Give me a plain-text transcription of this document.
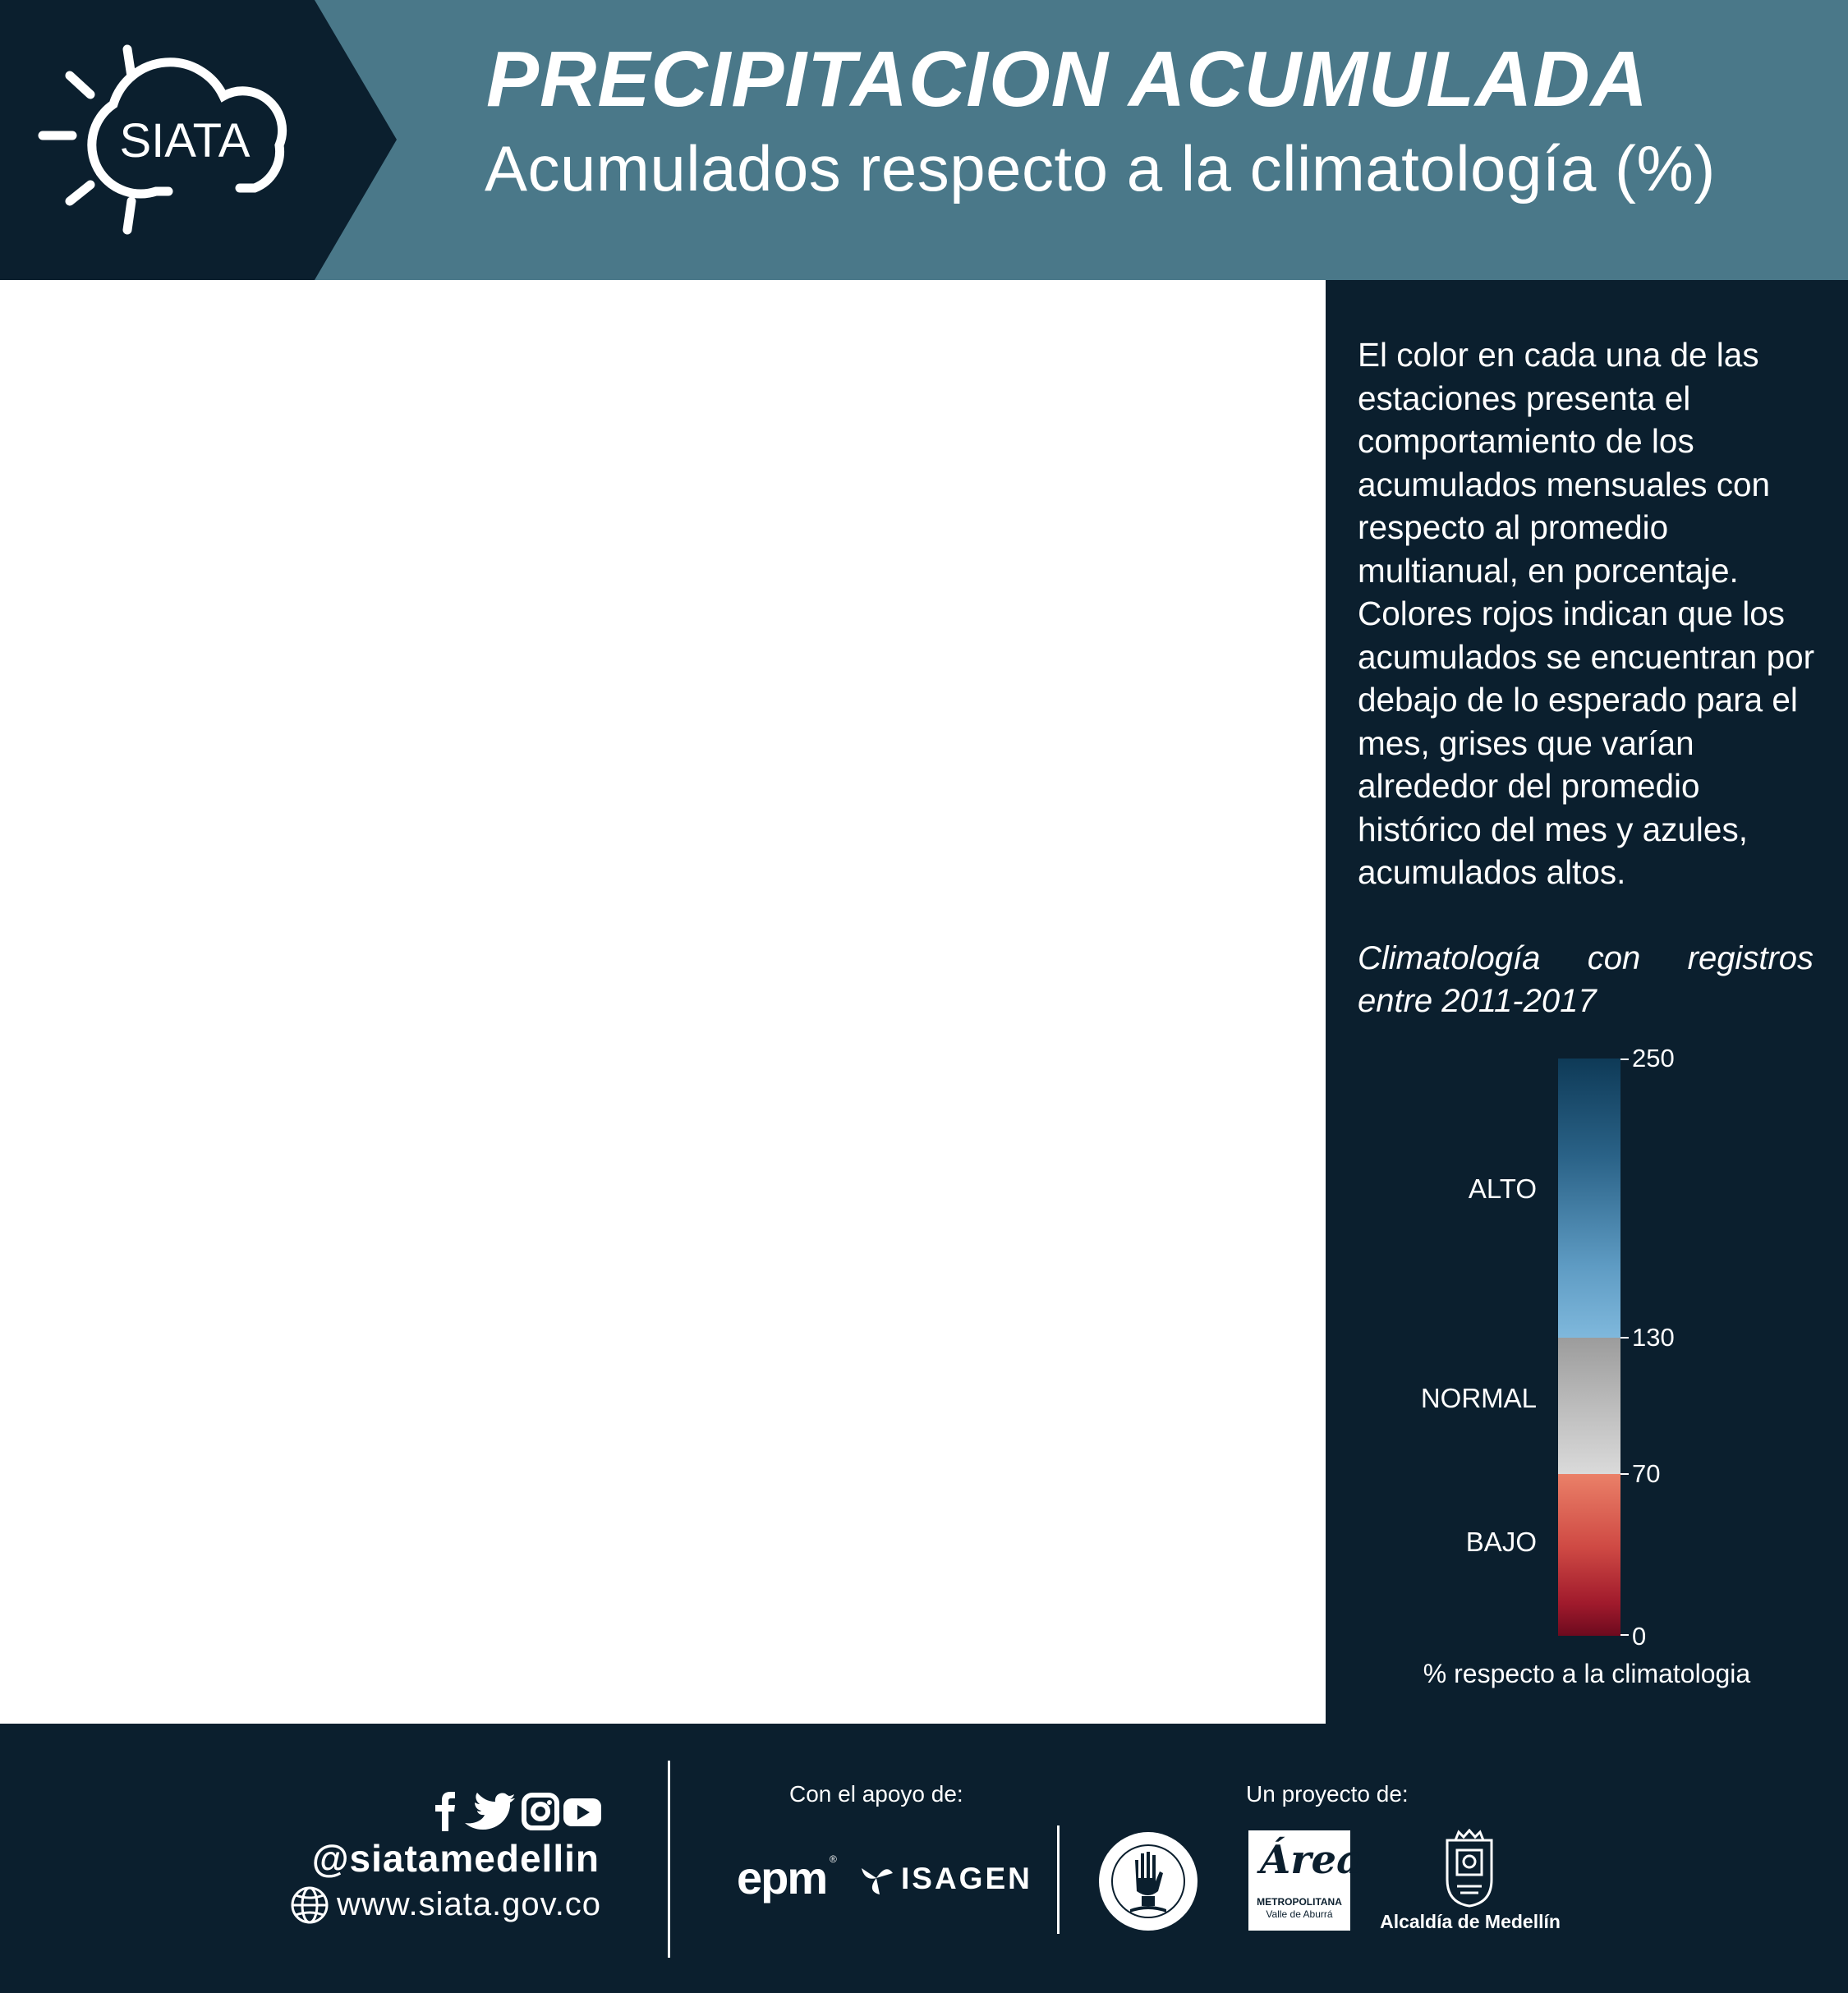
SIATA
PRECIPITACION ACUMULADA
Acumulados respecto a la climatología (%)
El color en cada una de las estaciones presenta el comportamiento de los acumulados mensuales con respecto al promedio multianual, en porcentaje. Colores rojos indican que los acumulados se encuentran por debajo de lo esperado para el mes, grises que varían alrededor del promedio histórico del mes y azules, acumulados altos.
Climatología con registros
entre 2011-2017
250
130
70
0
ALTO
NORMAL
BAJO
% respecto a la climatologia
@siatamedellin
www.siata.gov.co
Con el apoyo de:	Un proyecto de:
epm ®
ISAGEN	Área
METROPOLITANA
Valle de Aburrá	Alcaldía de Medellín
